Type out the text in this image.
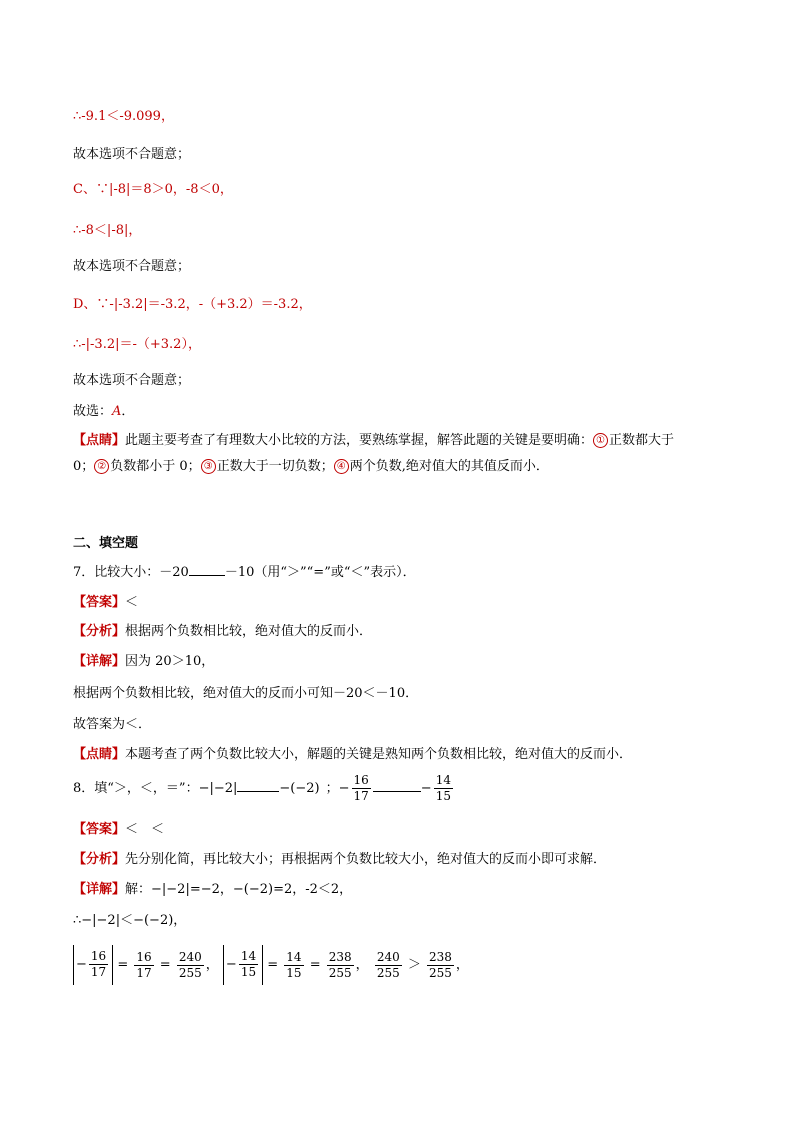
∴-9.1＜-9.099，
故本选项不合题意；
C、∵|-8|＝8＞0，-8＜0，
∴-8＜|-8|，
故本选项不合题意；
D、∵-|-3.2|＝-3.2，-（+3.2）＝-3.2，
∴-|-3.2|＝-（+3.2），
故本选项不合题意；
故选：A．
【点睛】此题主要考查了有理数大小比较的方法，要熟练掌握，解答此题的关键是要明确： ① 正数都大于
0； ② 负数都小于 0； ③ 正数大于一切负数； ④ 两个负数,绝对值大的其值反而小．
二、填空题
7．比较大小：－20	－10（用“＞”“=”或“＜”表示）．
【答案】＜
【分析】根据两个负数相比较，绝对值大的反而小．
【详解】因为 20＞10，
根据两个负数相比较，绝对值大的反而小可知－20＜－10．
故答案为＜．
【点睛】本题考查了两个负数比较大小，解题的关键是熟知两个负数相比较，绝对值大的反而小．
8．填“＞，＜，＝”：−|−2|	−(−2) ；− $\frac{16}{17}$	− $\frac{14}{15}$
【答案】＜　＜
【分析】先分别化简，再比较大小；再根据两个负数比较大小，绝对值大的反而小即可求解．
【详解】解：−|−2|=−2，−(−2)=2，-2＜2，
∴−|−2|＜−(−2)，
− $\frac{16}{17} = \frac{16}{17} = \frac{240}{255}$ ， − $\frac{14}{15} = \frac{14}{15} = \frac{238}{255}$ ， $\frac{240}{255} > \frac{238}{255}$ ，
